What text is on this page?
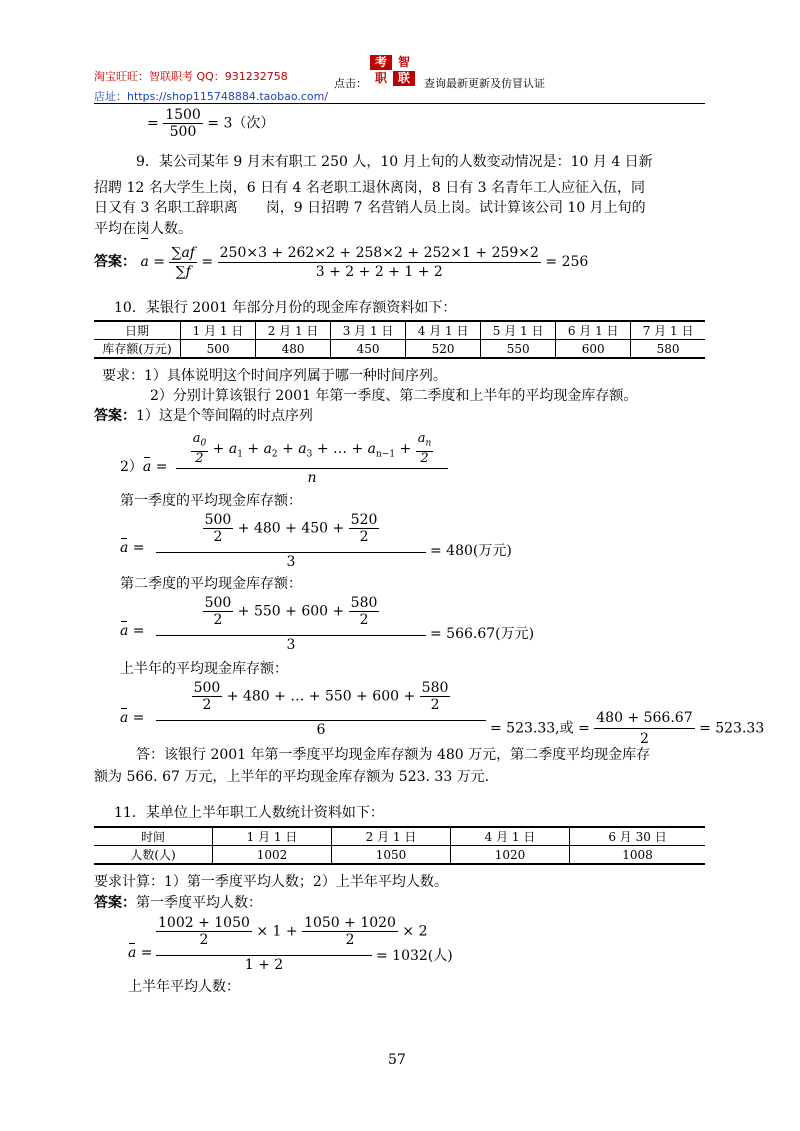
淘宝旺旺：智联职考 QQ：931232758
点击：
考 智
职 联	查询最新更新及仿冒认证
店址：https://shop115748884.taobao.com/
= $\frac{1500}{500} = 3$（次）
9．某公司某年 9 月末有职工 250 人，10 月上旬的人数变动情况是：10 月 4 日新
招聘 12 名大学生上岗，6 日有 4 名老职工退休离岗，8 日有 3 名青年工人应征入伍，同
日又有 3 名职工辞职离　　岗，9 日招聘 7 名营销人员上岗。试计算该公司 10 月上旬的
平均在岗人数。
答案： $a = \frac{\sum af}{\sum f} = \frac{250\times 3 + 262\times 2 + 258\times 2 + 252\times 1 + 259\times 2}{3 + 2 + 2 + 1 + 2} = 256$
10．某银行 2001 年部分月份的现金库存额资料如下：
日期	1 月 1 日	2 月 1 日	3 月 1 日	4 月 1 日	5 月 1 日	6 月 1 日	7 月 1 日
库存额(万元)	500	480	450	520	550	600	580
要求：1）具体说明这个时间序列属于哪一种时间序列。
2）分别计算该银行 2001 年第一季度、第二季度和上半年的平均现金库存额。
答案：1）这是个等间隔的时点序列
2）a =
$\frac{a_0}{2} + a_1 + a_2 + a_3$ + … + $a_{n-1} + \frac{a_n}{2}$
n
第一季度的平均现金库存额：
a =
$\frac{500}{2} + 480 + 450 + \frac{520}{2}$
3
= 480(万元)
第二季度的平均现金库存额：
a =
$\frac{500}{2} + 550 + 600 + \frac{580}{2}$
3
= 566.67(万元)
上半年的平均现金库存额：
a =
$\frac{500}{2} + 480$ + … + $550 + 600 + \frac{580}{2}$
6	= 523.33,或 = $\frac{480 + 566.67}{2} = 523.33$
答：该银行 2001 年第一季度平均现金库存额为 480 万元，第二季度平均现金库存
额为 566. 67 万元，上半年的平均现金库存额为 523. 33 万元.
11．某单位上半年职工人数统计资料如下：
时间	1 月 1 日	2 月 1 日	4 月 1 日	6 月 30 日
人数(人)	1002	1050	1020	1008
要求计算：1）第一季度平均人数；2）上半年平均人数。
答案：第一季度平均人数：
a =
$\frac{1002 + 1050}{2} \times 1 + \frac{1050 + 1020}{2} \times 2$
1 + 2
= 1032(人)
上半年平均人数：
57
